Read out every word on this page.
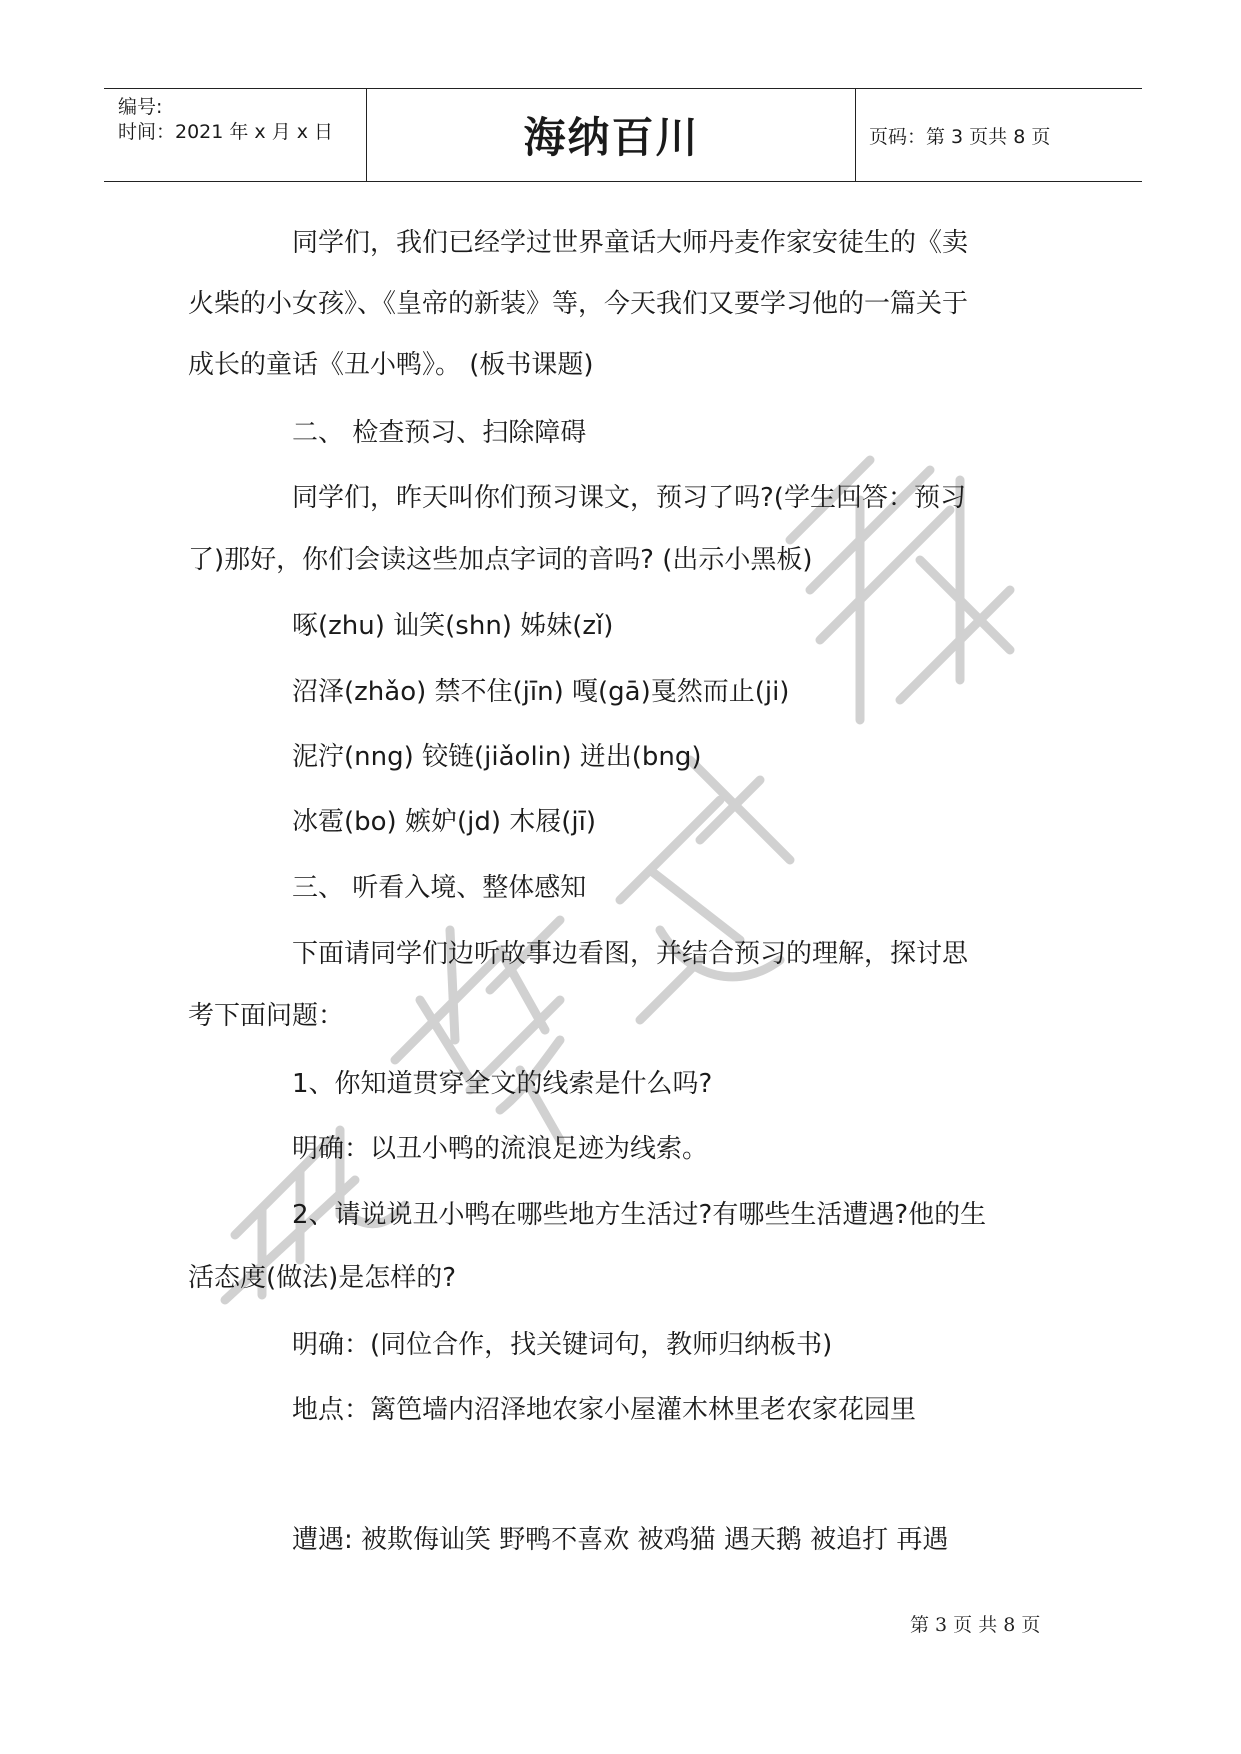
编号:
时间：2021 年 x 月 x 日	海纳百川	页码：第 3 页共 8 页
同学们，我们已经学过世界童话大师丹麦作家安徒生的《卖
火柴的小女孩》、《皇帝的新装》等，今天我们又要学习他的一篇关于
成长的童话《丑小鸭》。 (板书课题)
二、 检查预习、扫除障碍
同学们，昨天叫你们预习课文，预习了吗?(学生回答：预习
了)那好，你们会读这些加点字词的音吗? (出示小黑板)
啄(zhu) 讪笑(shn) 姊妹(zǐ)
沼泽(zhǎo) 禁不住(jīn) 嘎(gā)戛然而止(ji)
泥泞(nng) 铰链(jiǎolin) 迸出(bng)
冰雹(bo) 嫉妒(jd) 木屐(jī)
三、 听看入境、整体感知
下面请同学们边听故事边看图，并结合预习的理解，探讨思
考下面问题：
1、你知道贯穿全文的线索是什么吗?
明确：以丑小鸭的流浪足迹为线索。
2、请说说丑小鸭在哪些地方生活过?有哪些生活遭遇?他的生
活态度(做法)是怎样的?
明确：(同位合作，找关键词句，教师归纳板书)
地点：篱笆墙内沼泽地农家小屋灌木林里老农家花园里
遭遇: 被欺侮讪笑 野鸭不喜欢 被鸡猫 遇天鹅 被追打 再遇
第 3 页 共 8 页
